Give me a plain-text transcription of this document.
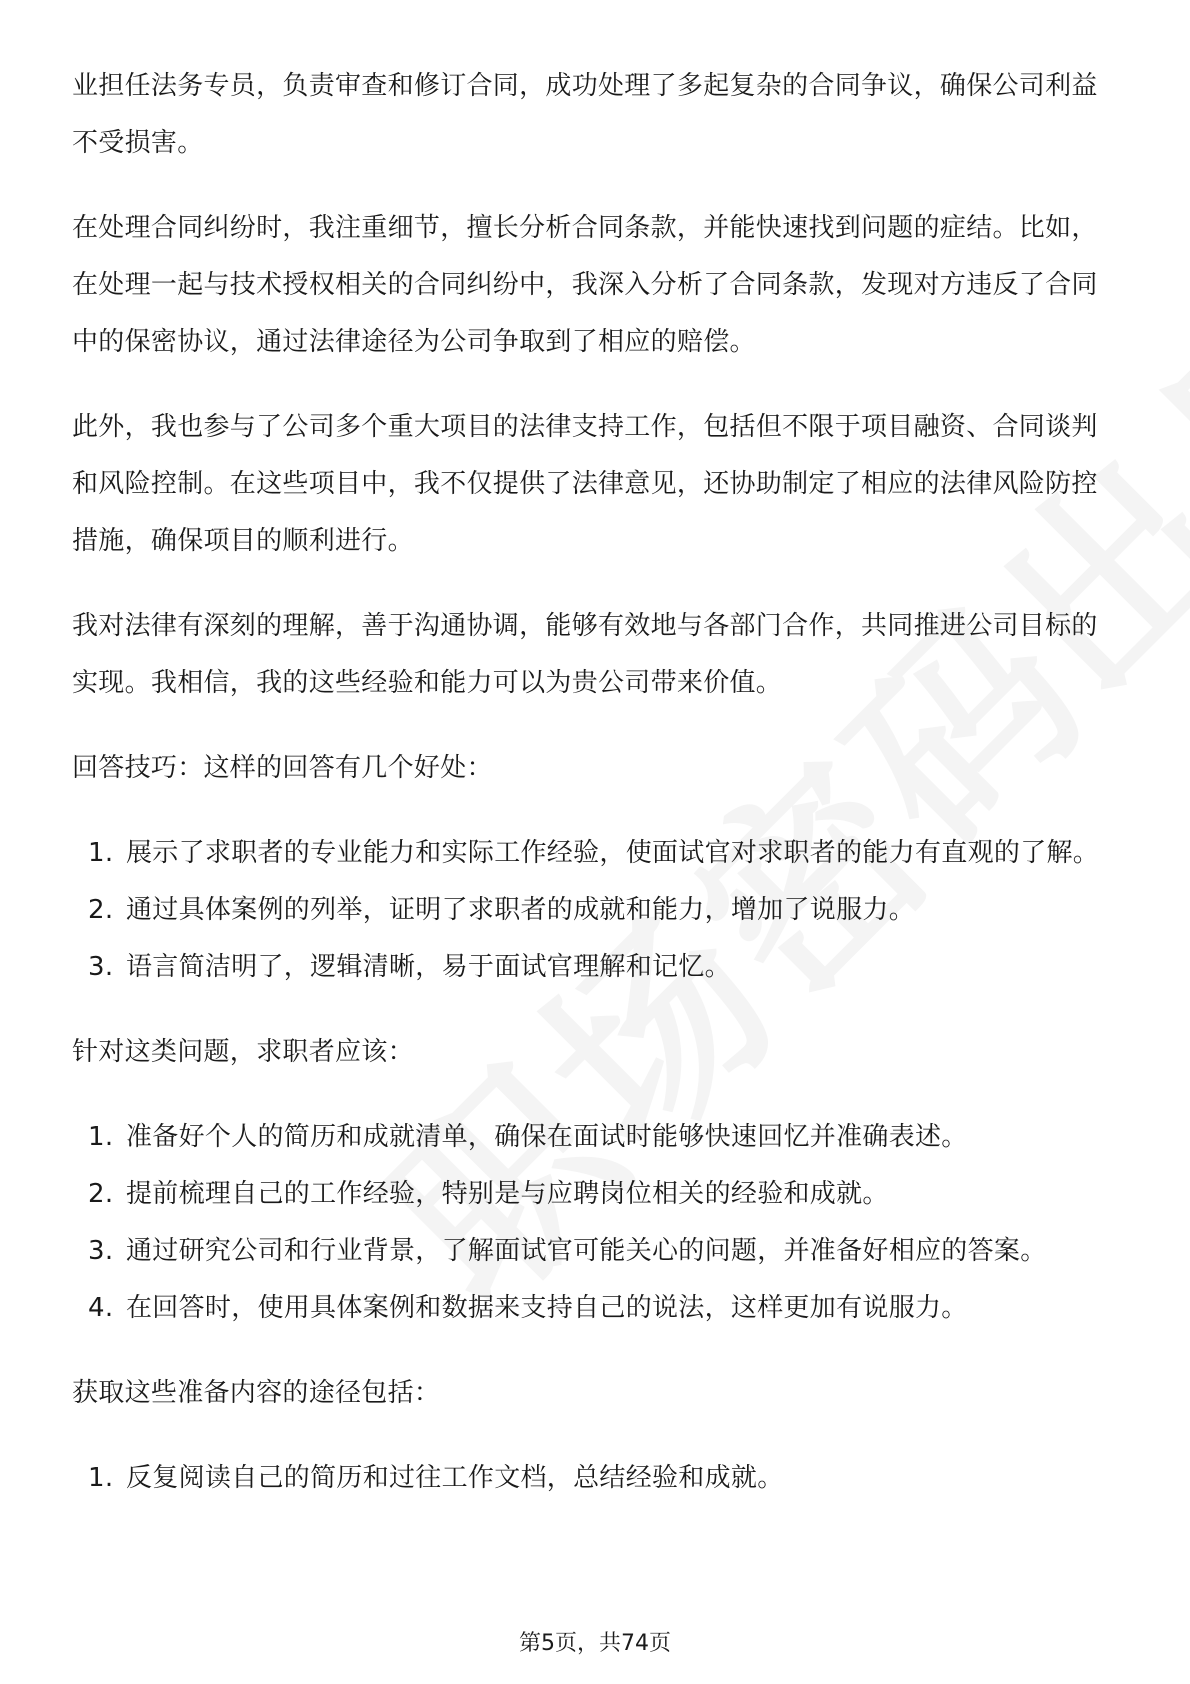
业担任法务专员，负责审查和修订合同，成功处理了多起复杂的合同争议，确保公司利益不受损害。

在处理合同纠纷时，我注重细节，擅长分析合同条款，并能快速找到问题的症结。比如，在处理一起与技术授权相关的合同纠纷中，我深入分析了合同条款，发现对方违反了合同中的保密协议，通过法律途径为公司争取到了相应的赔偿。

此外，我也参与了公司多个重大项目的法律支持工作，包括但不限于项目融资、合同谈判和风险控制。在这些项目中，我不仅提供了法律意见，还协助制定了相应的法律风险防控措施，确保项目的顺利进行。

我对法律有深刻的理解，善于沟通协调，能够有效地与各部门合作，共同推进公司目标的实现。我相信，我的这些经验和能力可以为贵公司带来价值。

回答技巧：这样的回答有几个好处：

1. 展示了求职者的专业能力和实际工作经验，使面试官对求职者的能力有直观的了解。
2. 通过具体案例的列举，证明了求职者的成就和能力，增加了说服力。
3. 语言简洁明了，逻辑清晰，易于面试官理解和记忆。

针对这类问题，求职者应该：

1. 准备好个人的简历和成就清单，确保在面试时能够快速回忆并准确表述。
2. 提前梳理自己的工作经验，特别是与应聘岗位相关的经验和成就。
3. 通过研究公司和行业背景，了解面试官可能关心的问题，并准备好相应的答案。
4. 在回答时，使用具体案例和数据来支持自己的说法，这样更加有说服力。

获取这些准备内容的途径包括：

1. 反复阅读自己的简历和过往工作文档，总结经验和成就。
第5页，共74页
